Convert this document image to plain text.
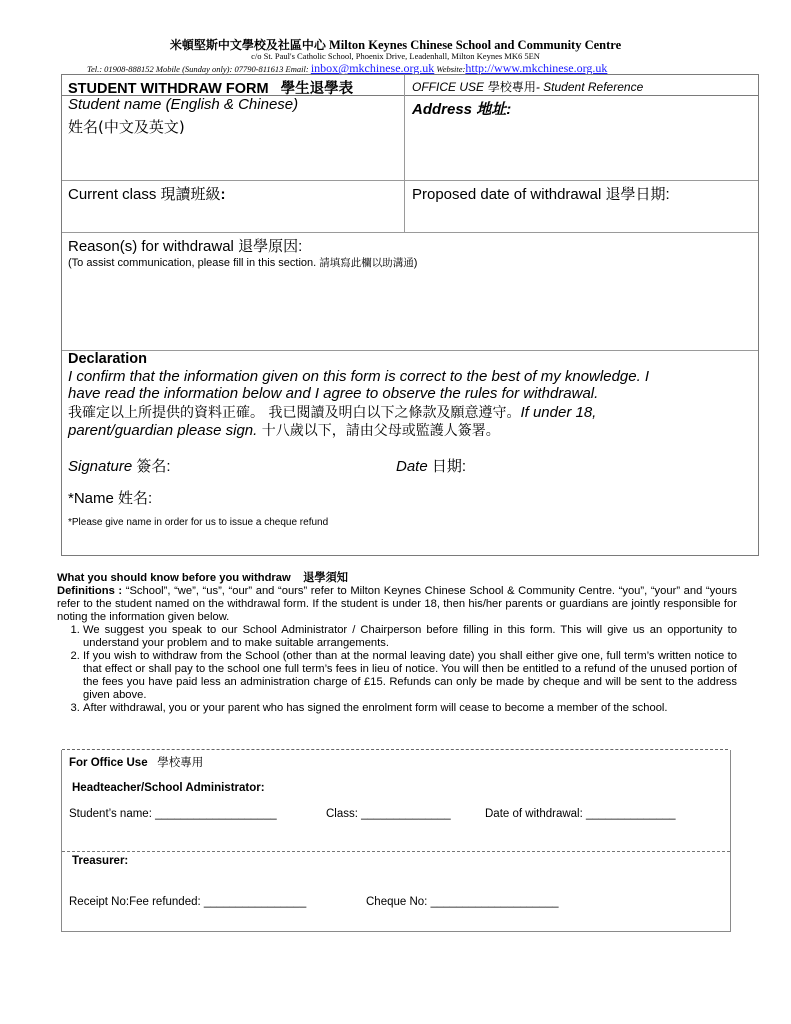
米頓堅斯中文學校及社區中心 Milton Keynes Chinese School and Community Centre
c/o St. Paul's Catholic School, Phoenix Drive, Leadenhall, Milton Keynes MK6 5EN
Tel.: 01908-888152 Mobile (Sunday only): 07790-811613 Email: inbox@mkchinese.org.uk Website:http://www.mkchinese.org.uk
STUDENT WITHDRAW FORM 學生退學表	OFFICE USE 學校專用- Student Reference
Student name (English & Chinese)
姓名(中文及英文)
Address 地址:
Current class 現讀班級:	Proposed date of withdrawal 退學日期:
Reason(s) for withdrawal 退學原因:
(To assist communication, please fill in this section. 請填寫此欄以助溝通)
Declaration
I confirm that the information given on this form is correct to the best of my knowledge. I
have read the information below and I agree to observe the rules for withdrawal.
我確定以上所提供的資料正確。 我已閱讀及明白以下之條款及願意遵守。If under 18,
parent/guardian please sign. 十八歲以下，請由父母或監護人簽署。
Signature 簽名:	Date 日期:
*Name 姓名:
*Please give name in order for us to issue a cheque refund

What you should know before you withdraw 退學須知

Definitions : “School”, “we”, “us”, “our” and “ours” refer to Milton Keynes Chinese School & Community Centre. “you”, “your” and “yours refer to the student named on the withdrawal form. If the student is under 18, then his/her parents or guardians are jointly responsible for noting the information given below.

1. We suggest you speak to our School Administrator / Chairperson before filling in this form. This will give us an opportunity to understand your problem and to make suitable arrangements.
2. If you wish to withdraw from the School (other than at the normal leaving date) you shall either give one, full term’s written notice to that effect or shall pay to the school one full term’s fees in lieu of notice. You will then be entitled to a refund of the unused portion of the fees you have paid less an administration charge of £15. Refunds can only be made by cheque and will be sent to the address given above.
3. After withdrawal, you or your parent who has signed the enrolment form will cease to become a member of the school.
For Office Use 學校專用
Headteacher/School Administrator:
Student’s name: ___________________	Class: ______________	Date of withdrawal: ______________
Treasurer:
Receipt No:Fee refunded: ________________	Cheque No: ____________________
